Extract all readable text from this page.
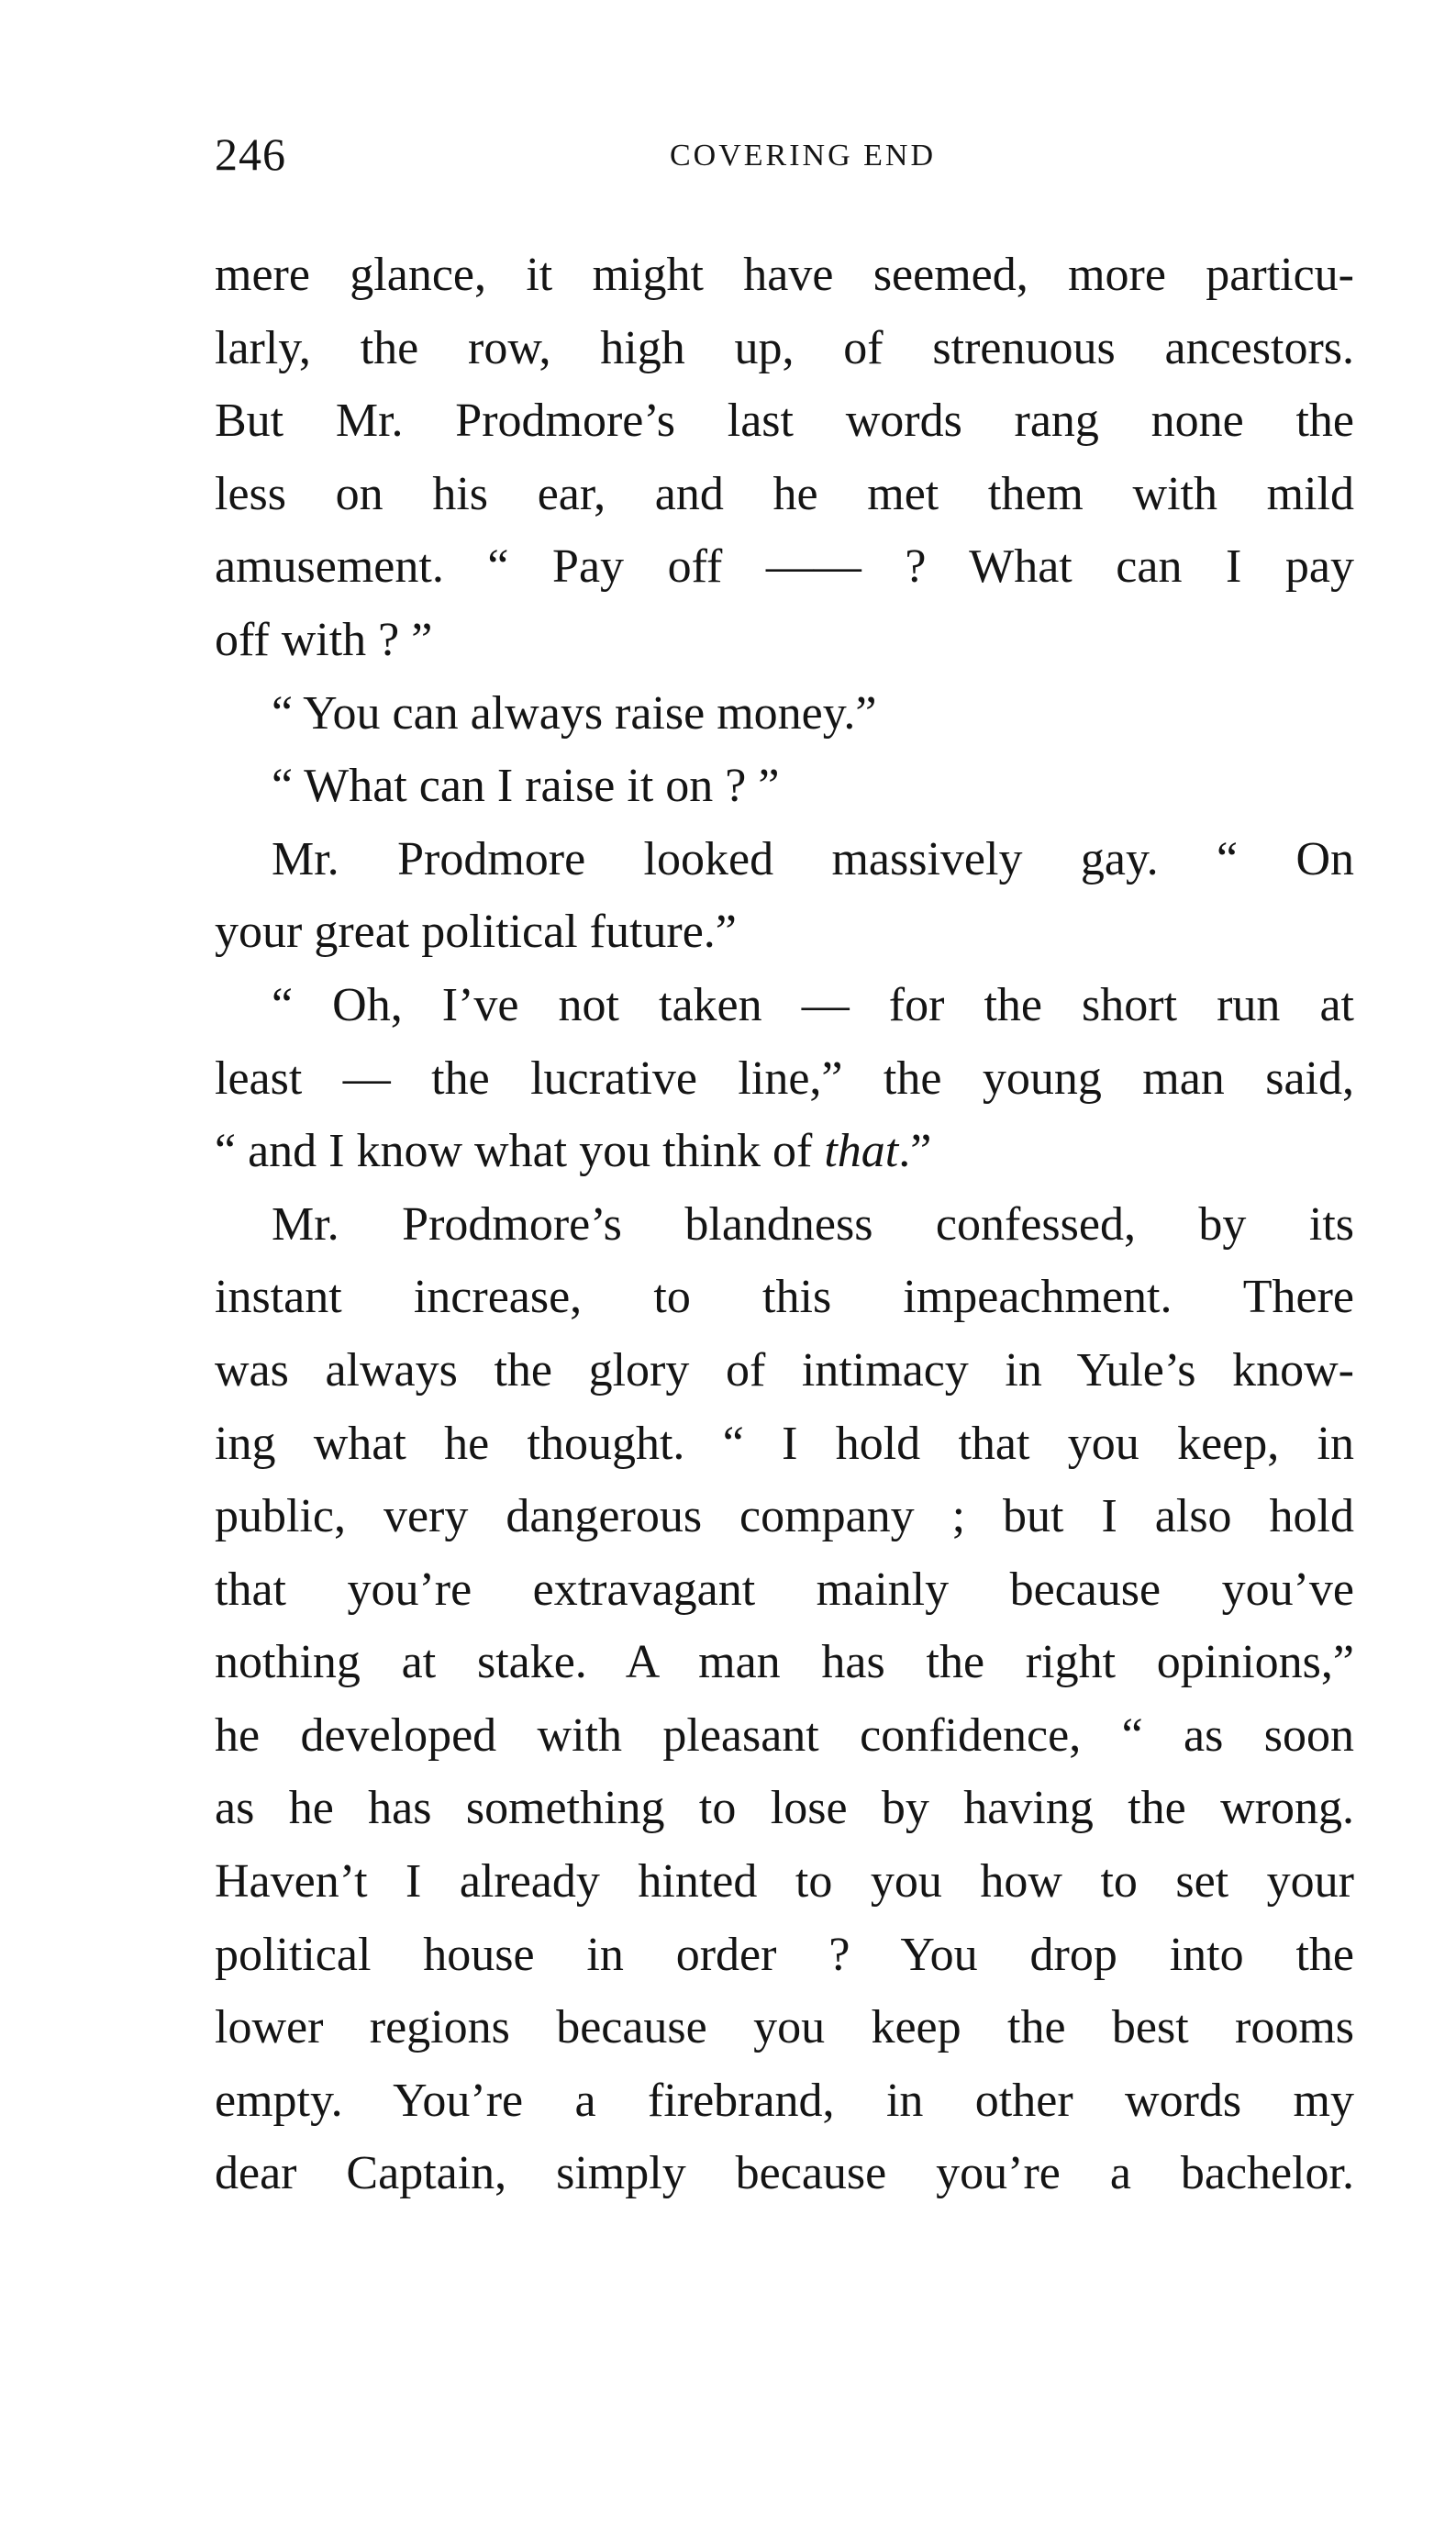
246	COVERING END
mere glance, it might have seemed, more particu-
larly, the row, high up, of strenuous ancestors.
But Mr. Prodmore’s last words rang none the
less on his ear, and he met them with mild
amusement. “ Pay off —— ? What can I pay
off with ? ”
“ You can always raise money.”
“ What can I raise it on ? ”
Mr. Prodmore looked massively gay. “ On
your great political future.”
“ Oh, I’ve not taken — for the short run at
least — the lucrative line,” the young man said,
“ and I know what you think of that.”
Mr. Prodmore’s blandness confessed, by its
instant increase, to this impeachment. There
was always the glory of intimacy in Yule’s know-
ing what he thought. “ I hold that you keep, in
public, very dangerous company ; but I also hold
that you’re extravagant mainly because you’ve
nothing at stake. A man has the right opinions,”
he developed with pleasant confidence, “ as soon
as he has something to lose by having the wrong.
Haven’t I already hinted to you how to set your
political house in order ? You drop into the
lower regions because you keep the best rooms
empty. You’re a firebrand, in other words my
dear Captain, simply because you’re a bachelor.
